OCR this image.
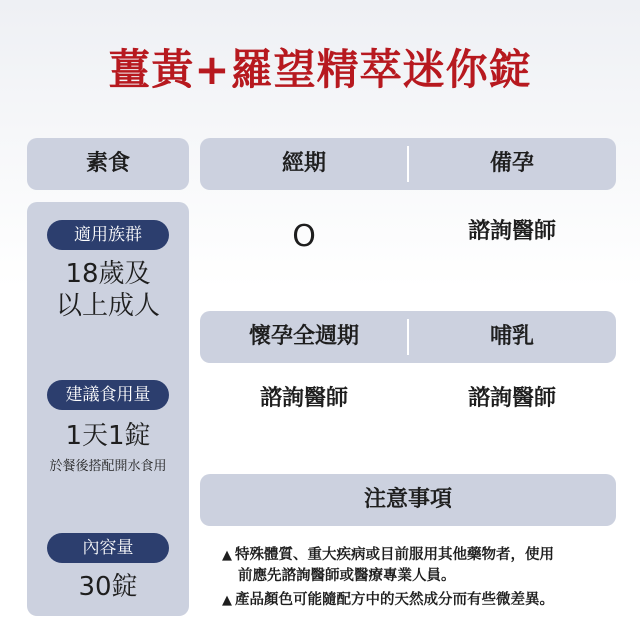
薑黃+羅望精萃迷你錠
素食	經期	備孕
O	諮詢醫師
懷孕全週期	哺乳
諮詢醫師	諮詢醫師
適用族群
18歲及
以上成人
建議食用量
1天1錠
於餐後搭配開水食用
內容量
30錠
注意事項
▲ 特殊體質、重大疾病或目前服用其他藥物者，使用
前應先諮詢醫師或醫療專業人員。
▲ 產品顏色可能隨配方中的天然成分而有些微差異。
